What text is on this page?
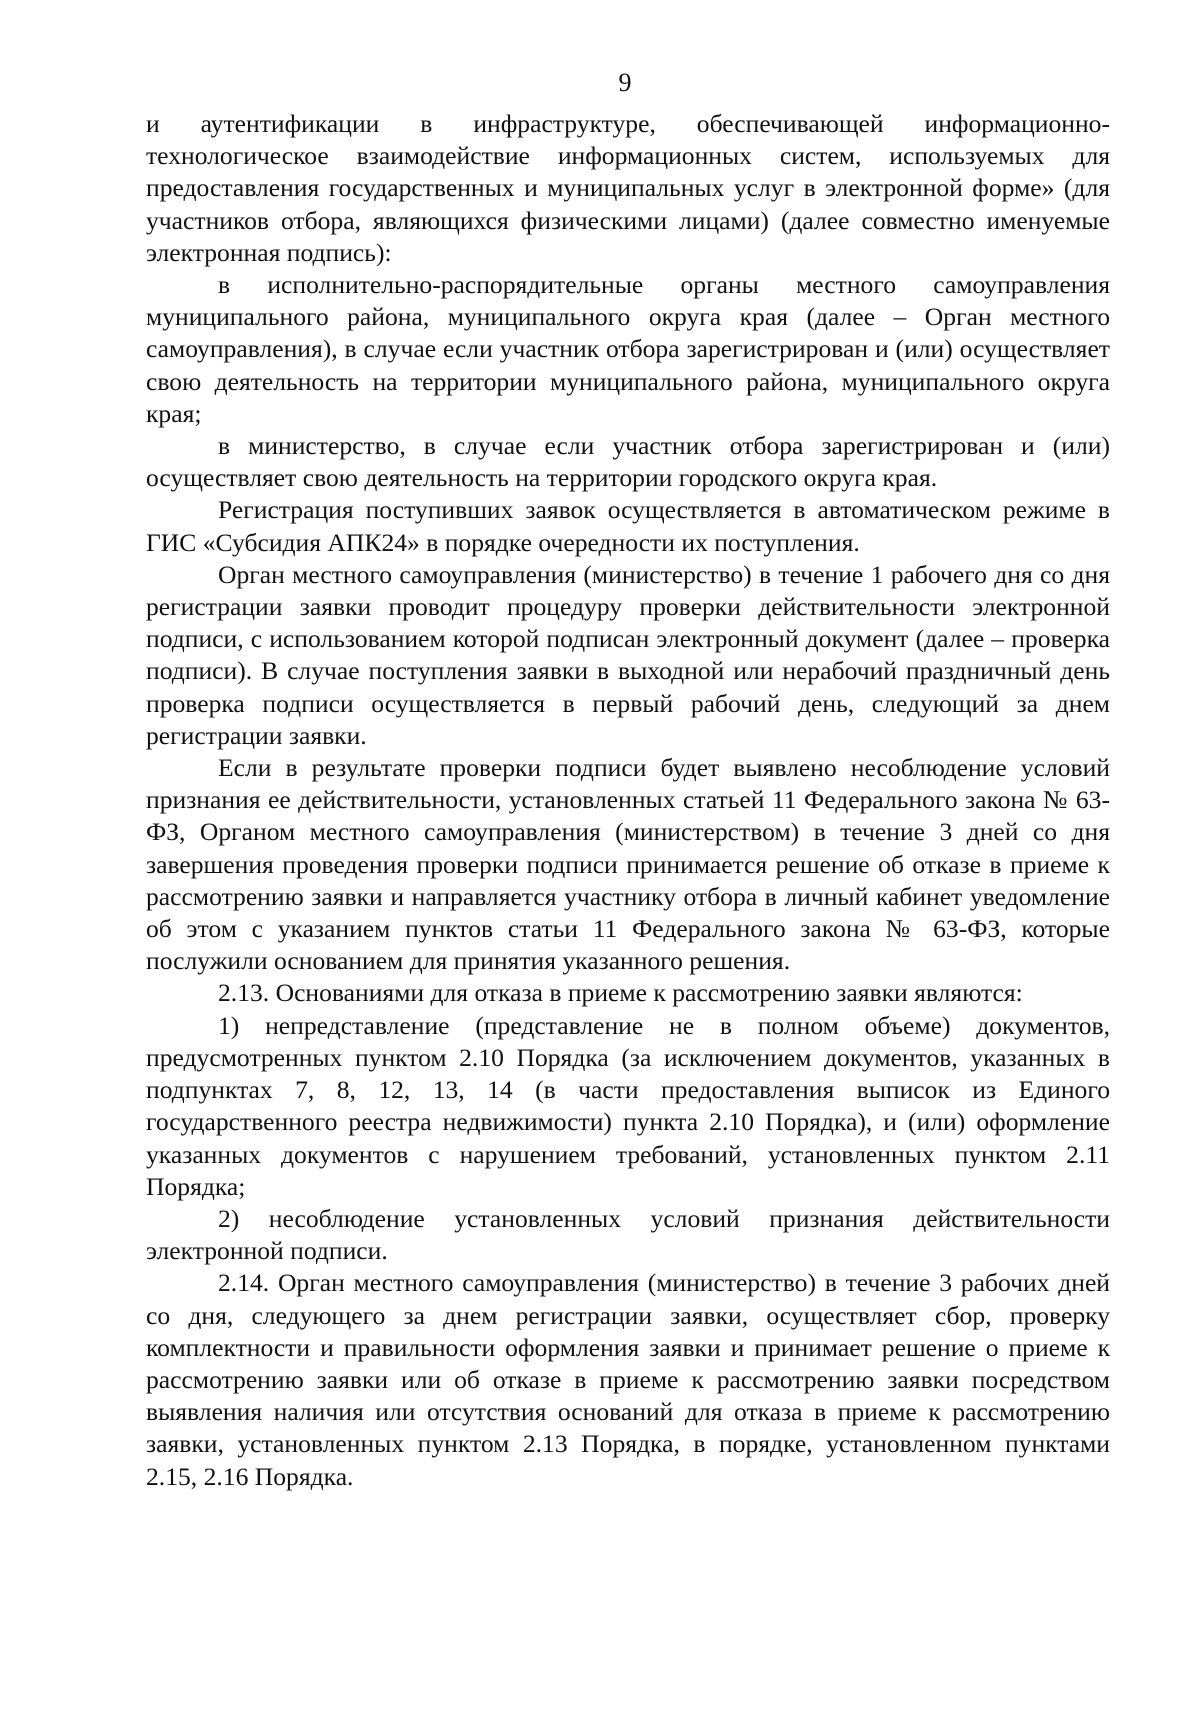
9

и аутентификации в инфраструктуре, обеспечивающей информационно-технологическое взаимодействие информационных систем, используемых для предоставления государственных и муниципальных услуг в электронной форме» (для участников отбора, являющихся физическими лицами) (далее совместно именуемые электронная подпись):

в исполнительно-распорядительные органы местного самоуправления муниципального района, муниципального округа края (далее – Орган местного самоуправления), в случае если участник отбора зарегистрирован и (или) осуществляет свою деятельность на территории муниципального района, муниципального округа края;

в министерство, в случае если участник отбора зарегистрирован и (или) осуществляет свою деятельность на территории городского округа края.

Регистрация поступивших заявок осуществляется в автоматическом режиме в ГИС «Субсидия АПК24» в порядке очередности их поступления.

Орган местного самоуправления (министерство) в течение 1 рабочего дня со дня регистрации заявки проводит процедуру проверки действительности электронной подписи, с использованием которой подписан электронный документ (далее – проверка подписи). В случае поступления заявки в выходной или нерабочий праздничный день проверка подписи осуществляется в первый рабочий день, следующий за днем регистрации заявки.

Если в результате проверки подписи будет выявлено несоблюдение условий признания ее действительности, установленных статьей 11 Федерального закона № 63-ФЗ, Органом местного самоуправления (министерством) в течение 3 дней со дня завершения проведения проверки подписи принимается решение об отказе в приеме к рассмотрению заявки и направляется участнику отбора в личный кабинет уведомление об этом с указанием пунктов статьи 11 Федерального закона № 63-ФЗ, которые послужили основанием для принятия указанного решения.

2.13. Основаниями для отказа в приеме к рассмотрению заявки являются:

1) непредставление (представление не в полном объеме) документов, предусмотренных пунктом 2.10 Порядка (за исключением документов, указанных в подпунктах 7, 8, 12, 13, 14 (в части предоставления выписок из Единого государственного реестра недвижимости) пункта 2.10 Порядка), и (или) оформление указанных документов с нарушением требований, установленных пунктом 2.11 Порядка;

2) несоблюдение установленных условий признания действительности электронной подписи.

2.14. Орган местного самоуправления (министерство) в течение 3 рабочих дней со дня, следующего за днем регистрации заявки, осуществляет сбор, проверку комплектности и правильности оформления заявки и принимает решение о приеме к рассмотрению заявки или об отказе в приеме к рассмотрению заявки посредством выявления наличия или отсутствия оснований для отказа в приеме к рассмотрению заявки, установленных пунктом 2.13 Порядка, в порядке, установленном пунктами 2.15, 2.16 Порядка.
